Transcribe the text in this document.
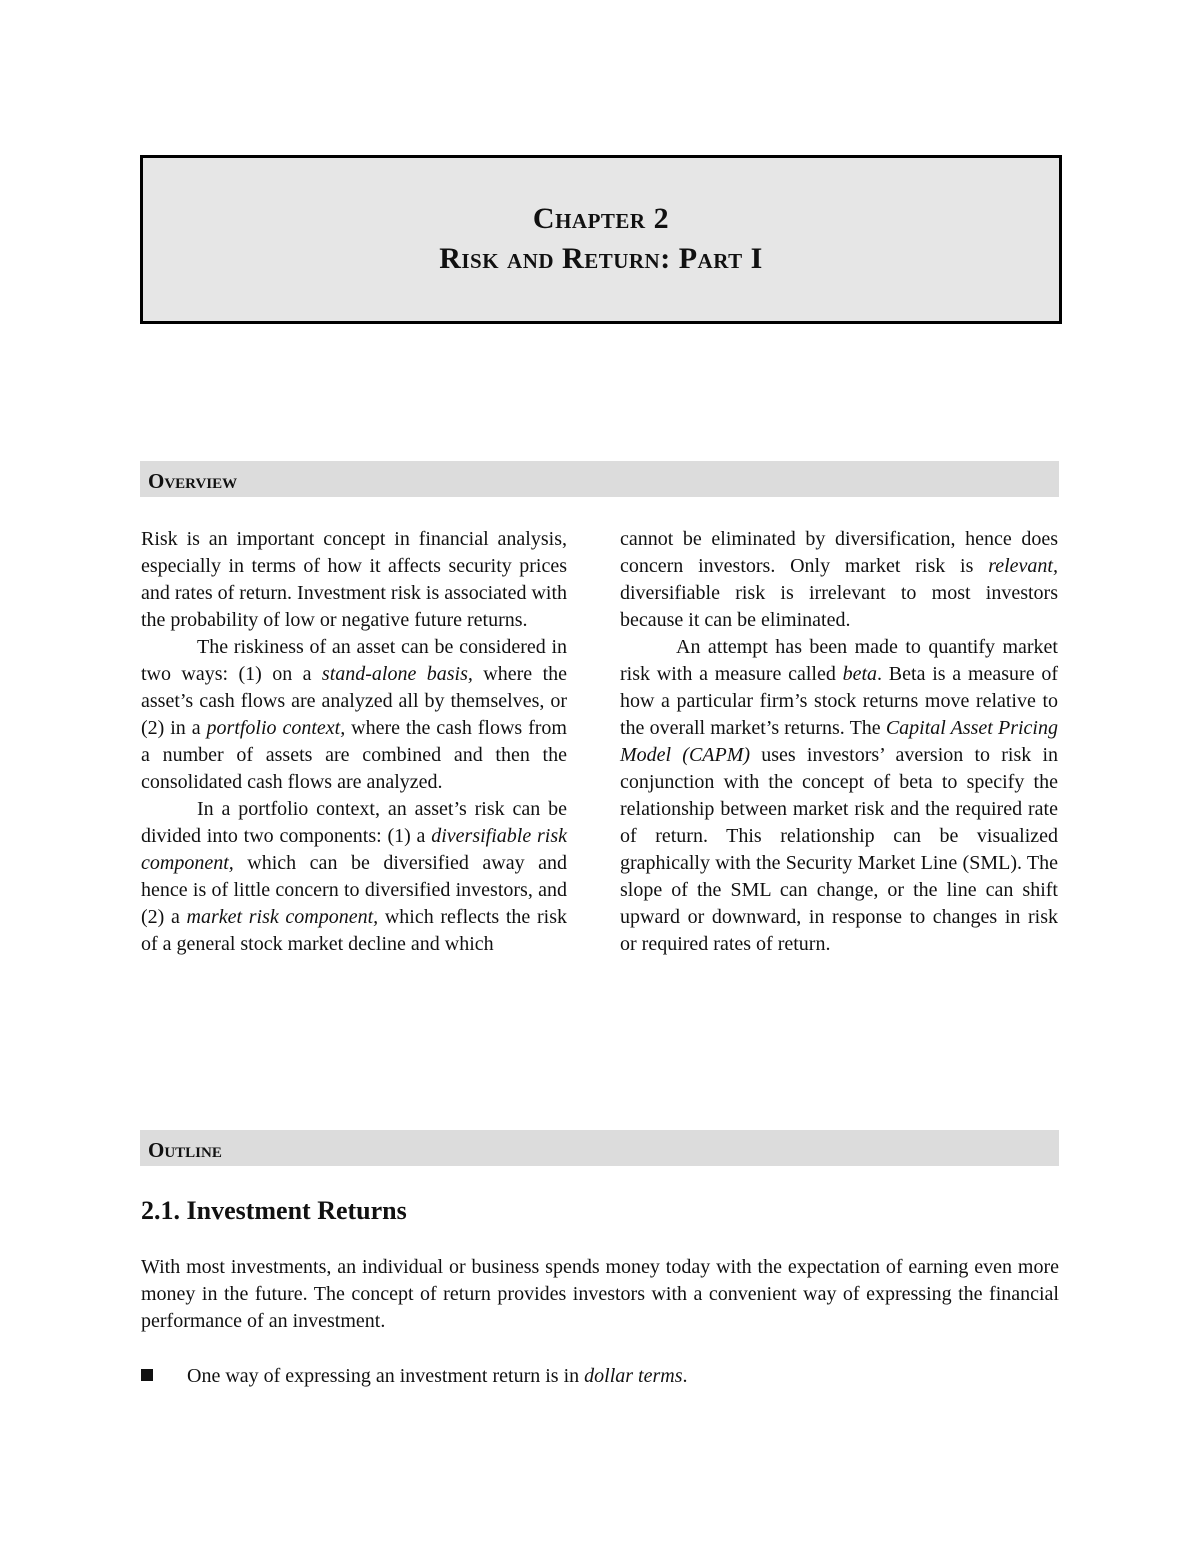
Chapter 2
Risk and Return: Part I
Overview

Risk is an important concept in financial analysis, especially in terms of how it affects security prices and rates of return. Investment risk is associated with the probability of low or negative future returns.

The riskiness of an asset can be considered in two ways: (1) on a stand-alone basis, where the asset’s cash flows are analyzed all by themselves, or (2) in a portfolio context, where the cash flows from a number of assets are combined and then the consolidated cash flows are analyzed.

In a portfolio context, an asset’s risk can be divided into two components: (1) a diversifiable risk component, which can be diversified away and hence is of little concern to diversified investors, and (2) a market risk component, which reflects the risk of a general stock market decline and which

cannot be eliminated by diversification, hence does concern investors. Only market risk is relevant, diversifiable risk is irrelevant to most investors because it can be eliminated.

An attempt has been made to quantify market risk with a measure called beta. Beta is a measure of how a particular firm’s stock returns move relative to the overall market’s returns. The Capital Asset Pricing Model (CAPM) uses investors’ aversion to risk in conjunction with the concept of beta to specify the relationship between market risk and the required rate of return. This relationship can be visualized graphically with the Security Market Line (SML). The slope of the SML can change, or the line can shift upward or downward, in response to changes in risk or required rates of return.

Outline
2.1. Investment Returns

With most investments, an individual or business spends money today with the expectation of earning even more money in the future. The concept of return provides investors with a convenient way of expressing the financial performance of an investment.

One way of expressing an investment return is in dollar terms.
